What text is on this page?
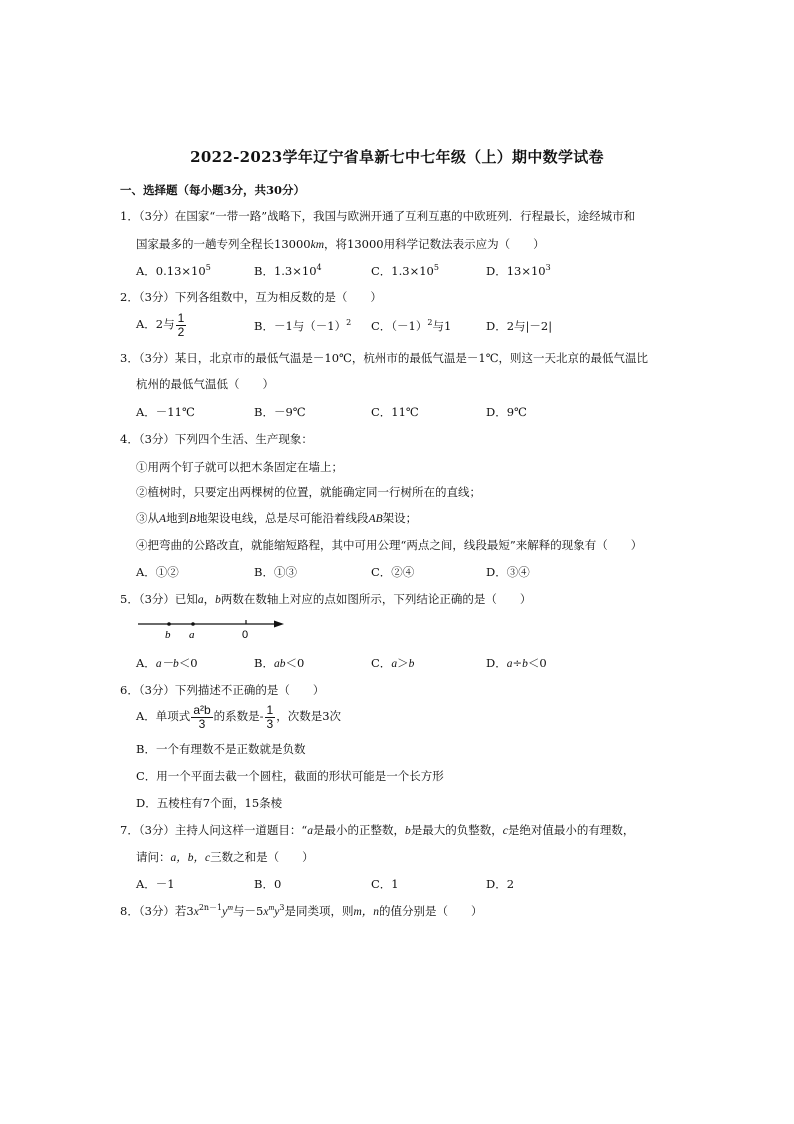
2022-2023学年辽宁省阜新七中七年级（上）期中数学试卷
一、选择题（每小题3分，共30分）
1．（3分）在国家“一带一路”战略下，我国与欧洲开通了互利互惠的中欧班列．行程最长，途经城市和
国家最多的一趟专列全程长13000km，将13000用科学记数法表示应为（　　）
A．$0.13\times 10^5$	B．$1.3\times 10^4$	C．$1.3\times 10^5$	D．$13\times 10^3$
2．（3分）下列各组数中，互为相反数的是（　　）
A．2与 $\frac{1}{2}$	B．－1与$(-1)^2$ C．$(-1)^2$与1	D．2与|－2|
3．（3分）某日，北京市的最低气温是－10℃，杭州市的最低气温是－1℃，则这一天北京的最低气温比
杭州的最低气温低（　　）
A．－11℃	B．－9℃	C．11℃	D．9℃
4．（3分）下列四个生活、生产现象：
①用两个钉子就可以把木条固定在墙上；
②植树时，只要定出两棵树的位置，就能确定同一行树所在的直线；
③从A地到B地架设电线，总是尽可能沿着线段AB架设；
④把弯曲的公路改直，就能缩短路程，其中可用公理“两点之间，线段最短”来解释的现象有（　　）
A．①②	B．①③	C．②④	D．③④
5．（3分）已知a，b两数在数轴上对应的点如图所示，下列结论正确的是（　　）
b a	0
A．a－b＜0	B．ab＜0	C．a＞b	D．a÷b＜0
6．（3分）下列描述不正确的是（　　）
A．单项式 $\frac{\text{a²b}}{3}$ 的系数是- $\frac{1}{3}$ ，次数是3次
B．一个有理数不是正数就是负数
C．用一个平面去截一个圆柱，截面的形状可能是一个长方形
D．五棱柱有7个面，15条棱
7．（3分）主持人问这样一道题目：“a是最小的正整数，b是最大的负整数，c是绝对值最小的有理数，
请问：a，b，c三数之和是（　　）
A．－1	B．0	C．1	D．2
8．（3分）若$3x^{2n-1}y^m$与$-5x^my^3$是同类项，则m，n的值分别是（　　）
